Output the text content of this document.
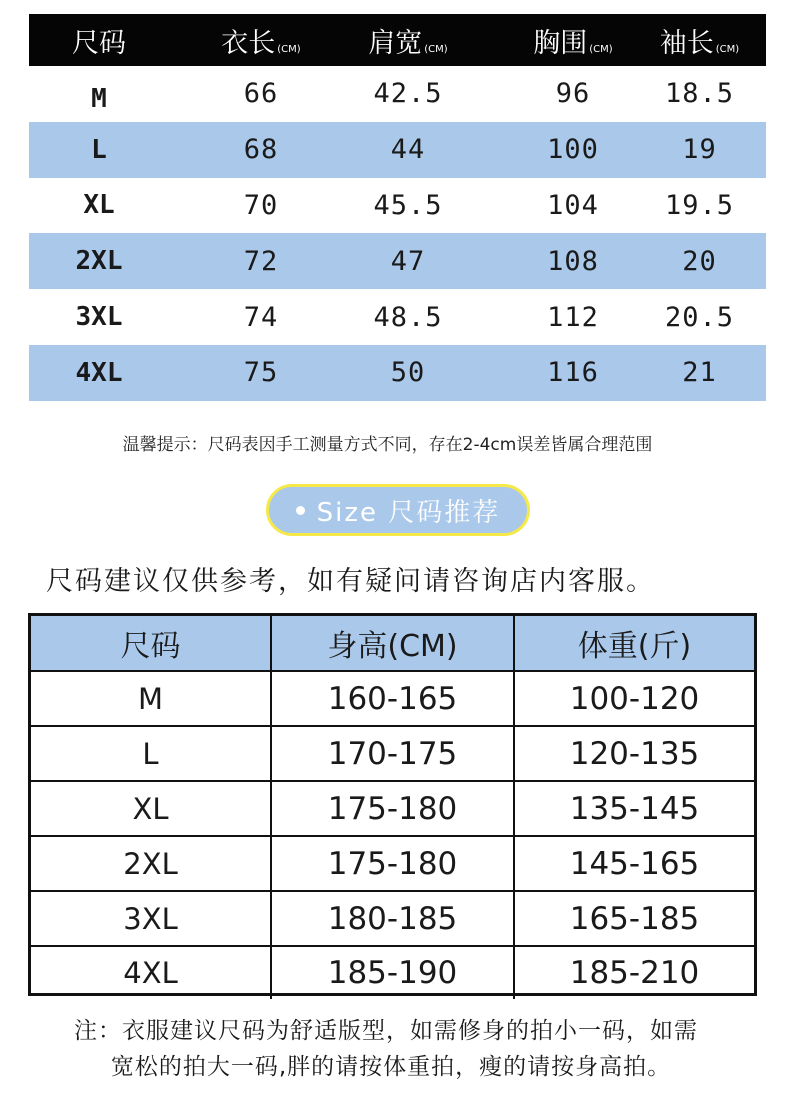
尺码	衣长 (CM)	肩宽 (CM)	胸围 (CM)	袖长 (CM)
M	66	42.5	96	18.5
L	68	44	100	19
XL	70	45.5	104	19.5
2XL	72	47	108	20
3XL	74	48.5	112	20.5
4XL	75	50	116	21
温馨提示：尺码表因手工测量方式不同，存在2-4cm误差皆属合理范围
Size 尺码推荐
尺码建议仅供参考，如有疑问请咨询店内客服。
尺码	身高(CM)	体重(斤)
M	160-165	100-120
L	170-175	120-135
XL	175-180	135-145
2XL	175-180	145-165
3XL	180-185	165-185
4XL	185-190	185-210
注：衣服建议尺码为舒适版型，如需修身的拍小一码，如需
宽松的拍大一码,胖的请按体重拍，瘦的请按身高拍。
